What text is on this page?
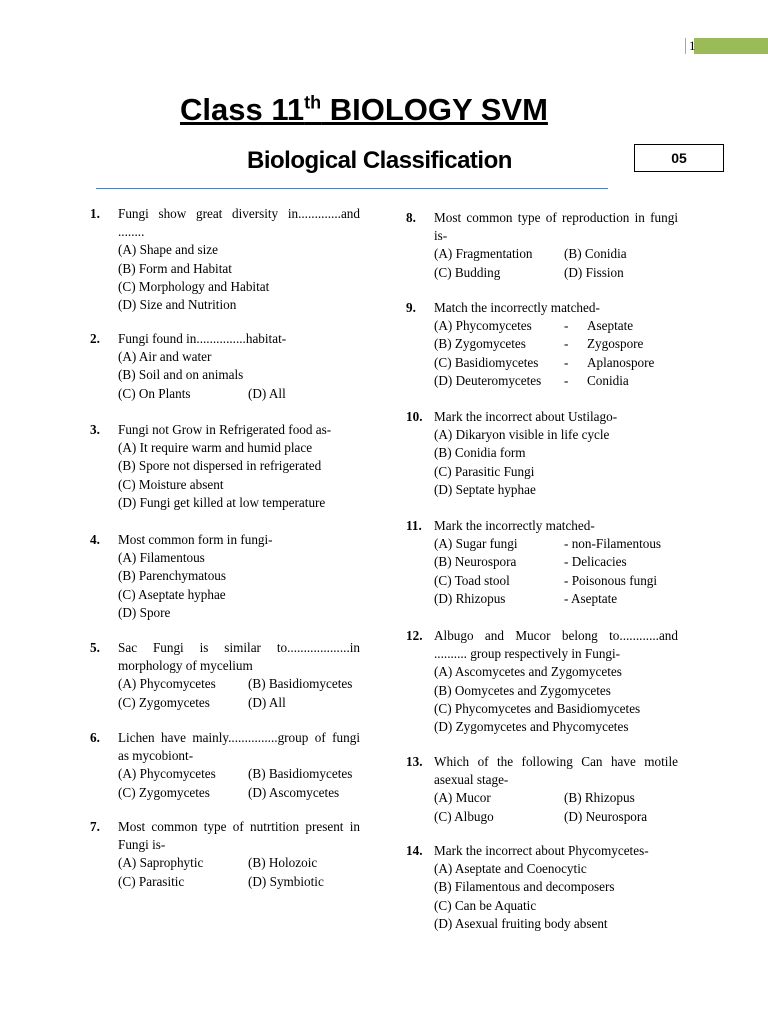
1
Class 11th BIOLOGY SVM
Biological Classification	05
1. Fungi show great diversity in.............and ........
(A) Shape and size
(B) Form and Habitat
(C) Morphology and Habitat
(D) Size and Nutrition
2. Fungi found in...............habitat-
(A) Air and water
(B) Soil and on animals
(C) On Plants	(D) All
3. Fungi not Grow in Refrigerated food as-
(A) It require warm and humid place
(B) Spore not dispersed in refrigerated
(C) Moisture absent
(D) Fungi get killed at low temperature
4. Most common form in fungi-
(A) Filamentous
(B) Parenchymatous
(C) Aseptate hyphae
(D) Spore
5. Sac Fungi is similar to...................in morphology of mycelium
(A) Phycomycetes (B) Basidiomycetes
(C) Zygomycetes	(D) All
6. Lichen have mainly...............group of fungi as mycobiont-
(A) Phycomycetes (B) Basidiomycetes
(C) Zygomycetes	(D) Ascomycetes
7. Most common type of nutrtition present in Fungi is-
(A) Saprophytic	(B) Holozoic
(C) Parasitic	(D) Symbiotic
8. Most common type of reproduction in fungi is-
(A) Fragmentation (B) Conidia
(C) Budding	(D) Fission
9. Match the incorrectly matched-
(A) Phycomycetes - Aseptate
(B) Zygomycetes	- Zygospore
(C) Basidiomycetes - Aplanospore
(D) Deuteromycetes - Conidia
10. Mark the incorrect about Ustilago-
(A) Dikaryon visible in life cycle
(B) Conidia form
(C) Parasitic Fungi
(D) Septate hyphae
11. Mark the incorrectly matched-
(A) Sugar fungi	- non-Filamentous
(B) Neurospora	- Delicacies
(C) Toad stool	- Poisonous fungi
(D) Rhizopus	- Aseptate
12. Albugo and Mucor belong to............and .......... group respectively in Fungi-
(A) Ascomycetes and Zygomycetes
(B) Oomycetes and Zygomycetes
(C) Phycomycetes and Basidiomycetes
(D) Zygomycetes and Phycomycetes
13. Which of the following Can have motile asexual stage-
(A) Mucor	(B) Rhizopus
(C) Albugo	(D) Neurospora
14. Mark the incorrect about Phycomycetes-
(A) Aseptate and Coenocytic
(B) Filamentous and decomposers
(C) Can be Aquatic
(D) Asexual fruiting body absent
